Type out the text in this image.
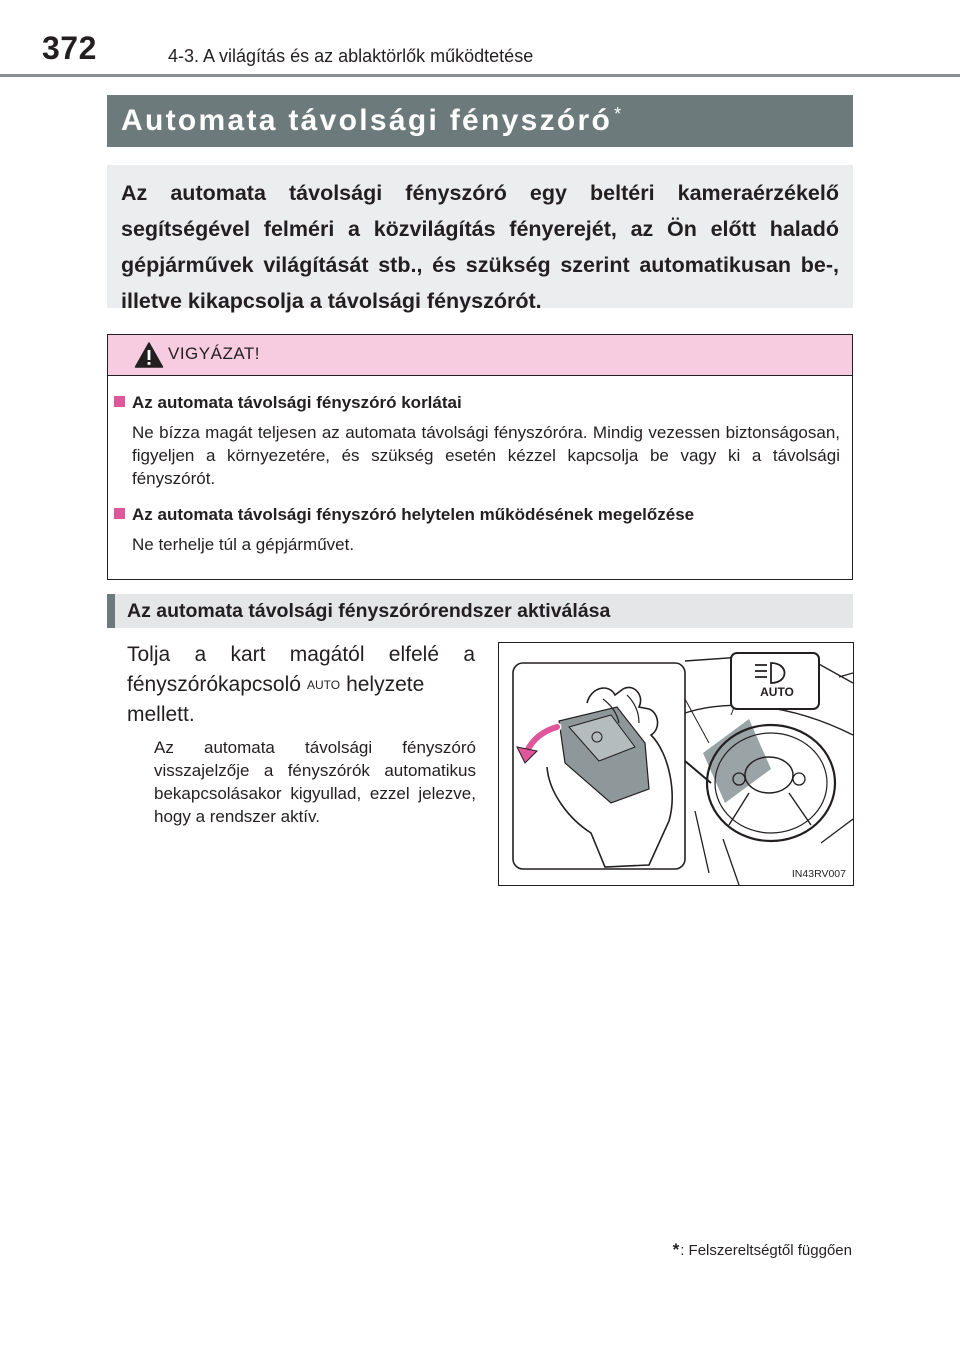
372	4-3. A világítás és az ablaktörlők működtetése
Automata távolsági fényszóró *
Az automata távolsági fényszóró egy beltéri kameraérzékelő segítségével felméri a közvilágítás fényerejét, az Ön előtt haladó gépjárművek világítását stb., és szükség szerint automatikusan be-, illetve kikapcsolja a távolsági fényszórót.
VIGYÁZAT!
Az automata távolsági fényszóró korlátai
Ne bízza magát teljesen az automata távolsági fényszóróra. Mindig vezessen biztonságosan, figyeljen a környezetére, és szükség esetén kézzel kapcsolja be vagy ki a távolsági fényszórót.
Az automata távolsági fényszóró helytelen működésének megelőzése
Ne terhelje túl a gépjárművet.
Az automata távolsági fényszórórendszer aktiválása
Tolja a kart magától elfelé a fényszórókapcsoló AUTO helyzete mellett.
Az automata távolsági fényszóró visszajelzője a fényszórók automatikus bekapcsolásakor kigyullad, ezzel jelezve, hogy a rendszer aktív.
AUTO
IN43RV007
*: Felszereltségtől függően
